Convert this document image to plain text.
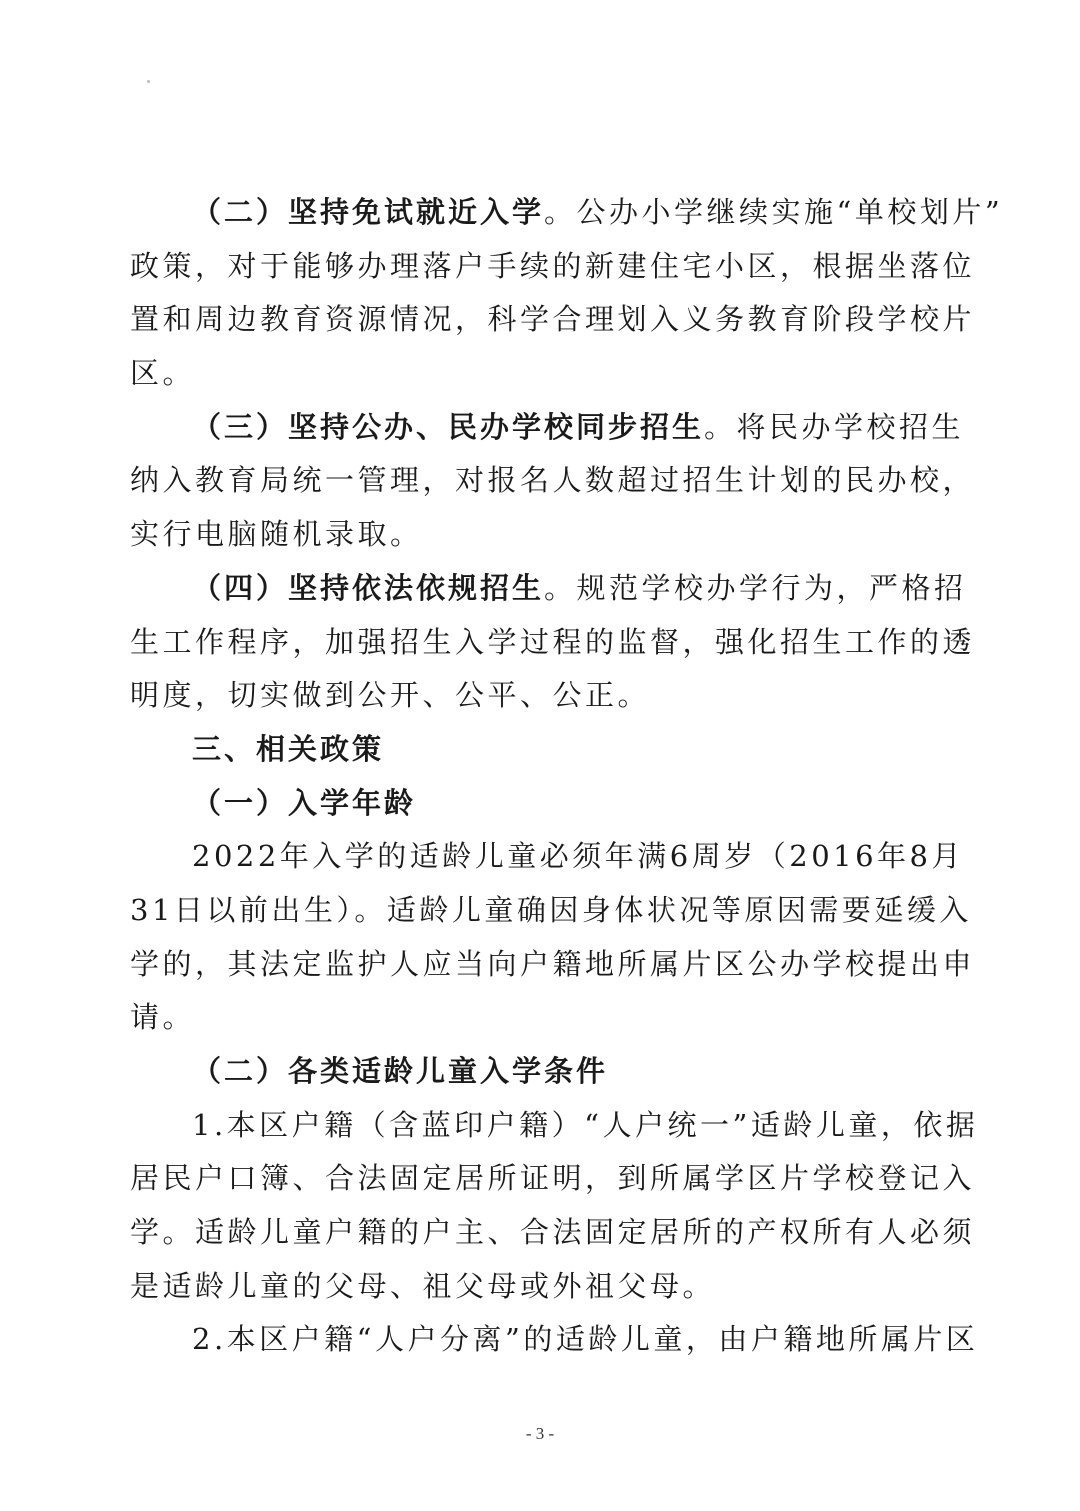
（二）坚持免试就近入学。公办小学继续实施“单校划片”
政策，对于能够办理落户手续的新建住宅小区，根据坐落位
置和周边教育资源情况，科学合理划入义务教育阶段学校片
区。
（三）坚持公办、民办学校同步招生。将民办学校招生
纳入教育局统一管理，对报名人数超过招生计划的民办校，
实行电脑随机录取。
（四）坚持依法依规招生。规范学校办学行为，严格招
生工作程序，加强招生入学过程的监督，强化招生工作的透
明度，切实做到公开、公平、公正。
三、相关政策
（一）入学年龄
2022年入学的适龄儿童必须年满6周岁（2016年8月
31日以前出生）。适龄儿童确因身体状况等原因需要延缓入
学的，其法定监护人应当向户籍地所属片区公办学校提出申
请。
（二）各类适龄儿童入学条件
1.本区户籍（含蓝印户籍）“人户统一”适龄儿童，依据
居民户口簿、合法固定居所证明，到所属学区片学校登记入
学。适龄儿童户籍的户主、合法固定居所的产权所有人必须
是适龄儿童的父母、祖父母或外祖父母。
2.本区户籍“人户分离”的适龄儿童，由户籍地所属片区
- 3 -
